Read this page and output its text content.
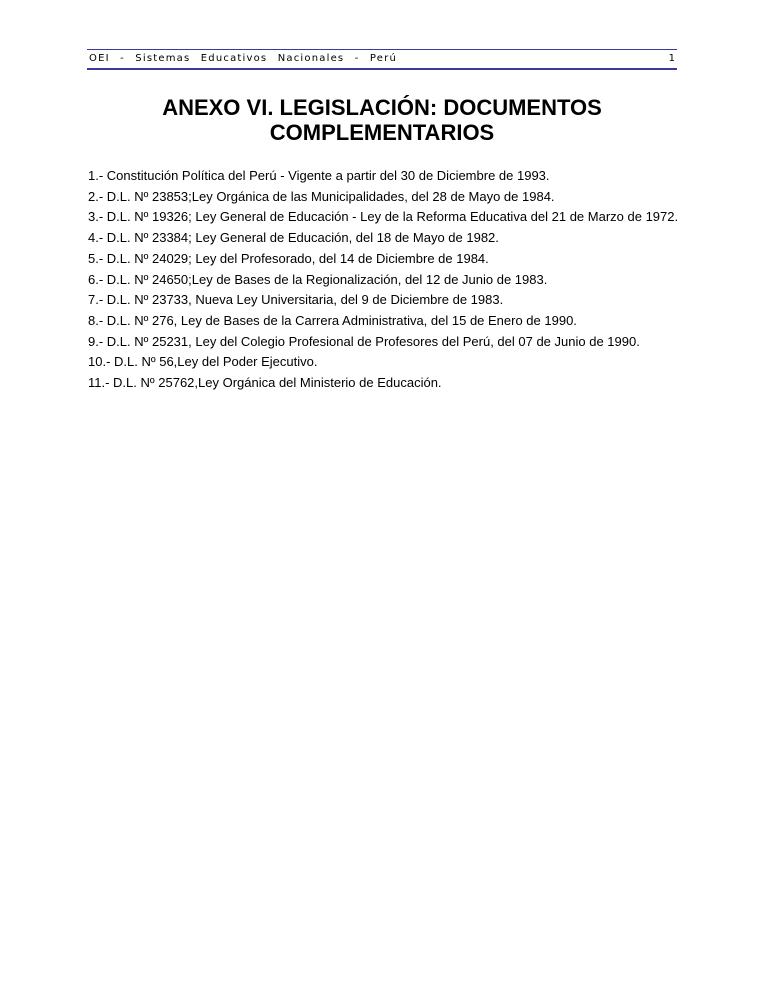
OEI - Sistemas Educativos Nacionales - Perú	1
ANEXO VI. LEGISLACIÓN: DOCUMENTOS
COMPLEMENTARIOS
1.- Constitución Política del Perú - Vigente a partir del 30 de Diciembre de 1993.
2.- D.L. Nº 23853;Ley Orgánica de las Municipalidades, del 28 de Mayo de 1984.
3.- D.L. Nº 19326; Ley General de Educación - Ley de la Reforma Educativa del 21 de Marzo de 1972.
4.- D.L. Nº 23384; Ley General de Educación, del 18 de Mayo de 1982.
5.- D.L. Nº 24029; Ley del Profesorado, del 14 de Diciembre de 1984.
6.- D.L. Nº 24650;Ley de Bases de la Regionalización, del 12 de Junio de 1983.
7.- D.L. Nº 23733, Nueva Ley Universitaria, del 9 de Diciembre de 1983.
8.- D.L. Nº 276, Ley de Bases de la Carrera Administrativa, del 15 de Enero de 1990.
9.- D.L. Nº 25231, Ley del Colegio Profesional de Profesores del Perú, del 07 de Junio de 1990.
10.- D.L. Nº 56,Ley del Poder Ejecutivo.
11.- D.L. Nº 25762,Ley Orgánica del Ministerio de Educación.
